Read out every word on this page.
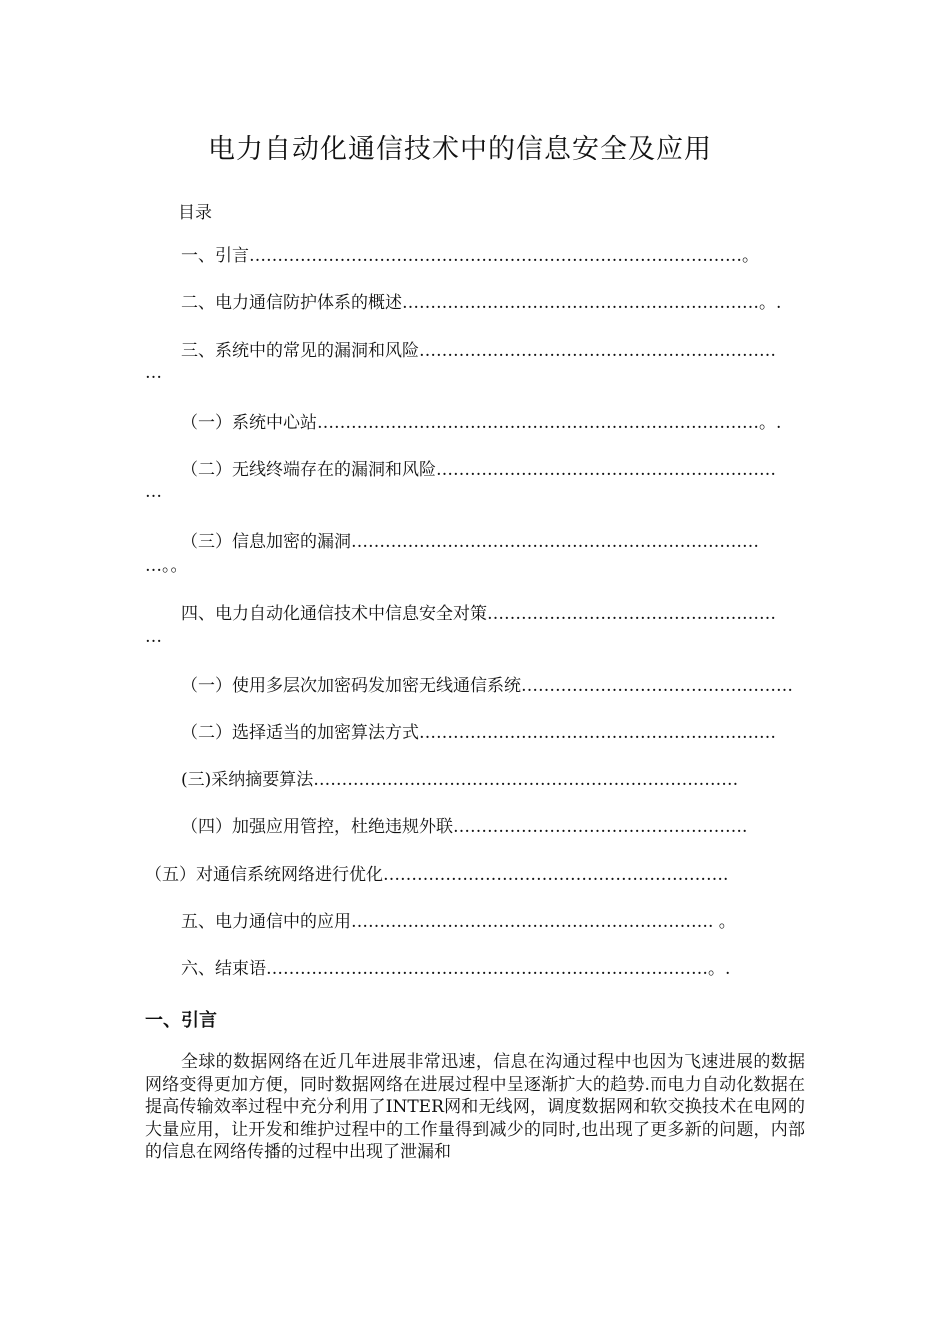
电力自动化通信技术中的信息安全及应用
目录
一、引言……………………………………………………………………………。
二、电力通信防护体系的概述………………………………………………………。.
三、系统中的常见的漏洞和风险………………………………………………………
…
（一）系统中心站……………………………………………………………………。.
（二）无线终端存在的漏洞和风险……………………………………………………
…
（三）信息加密的漏洞………………………………………………………………
…。。
四、电力自动化通信技术中信息安全对策……………………………………………
…
（一）使用多层次加密码发加密无线通信系统…………………………………………
（二）选择适当的加密算法方式………………………………………………………
(三)采纳摘要算法…………………………………………………………………
（四）加强应用管控，杜绝违规外联…………………………………………….
（五）对通信系统网络进行优化…………………………………………………….
五、电力通信中的应用………………………………………………………. 。
六、结束语……………………………………………………………………。.
一、引言

全球的数据网络在近几年进展非常迅速，信息在沟通过程中也因为飞速进展的数据网络变得更加方便，同时数据网络在进展过程中呈逐渐扩大的趋势.而电力自动化数据在提高传输效率过程中充分利用了INTER网和无线网，调度数据网和软交换技术在电网的大量应用，让开发和维护过程中的工作量得到减少的同时,也出现了更多新的问题，内部的信息在网络传播的过程中出现了泄漏和
